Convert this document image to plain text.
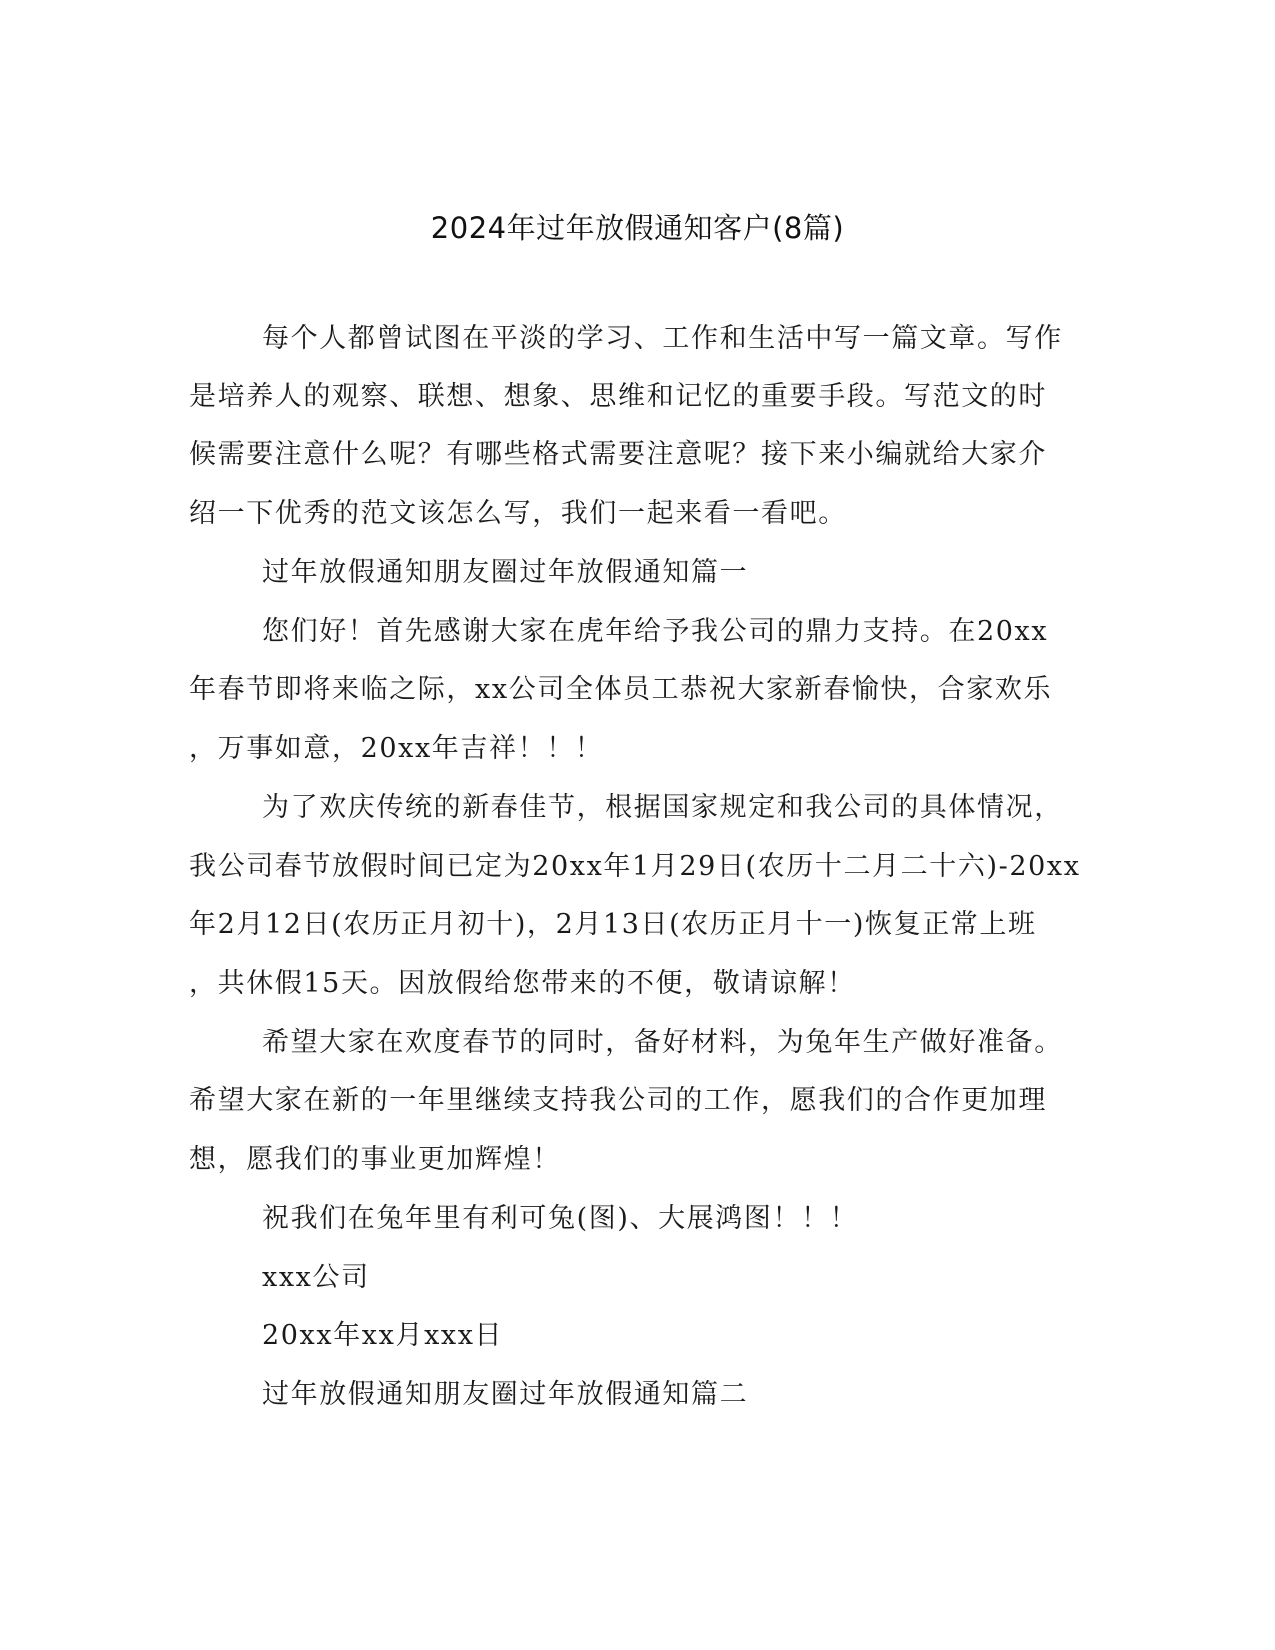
2024年过年放假通知客户(8篇)

每个人都曾试图在平淡的学习、工作和生活中写一篇文章。写作

是培养人的观察、联想、想象、思维和记忆的重要手段。写范文的时

候需要注意什么呢？有哪些格式需要注意呢？接下来小编就给大家介

绍一下优秀的范文该怎么写，我们一起来看一看吧。

过年放假通知朋友圈过年放假通知篇一

您们好！首先感谢大家在虎年给予我公司的鼎力支持。在20xx

年春节即将来临之际，xx公司全体员工恭祝大家新春愉快，合家欢乐

，万事如意，20xx年吉祥！！！

为了欢庆传统的新春佳节，根据国家规定和我公司的具体情况，

我公司春节放假时间已定为20xx年1月29日(农历十二月二十六)-20xx

年2月12日(农历正月初十)，2月13日(农历正月十一)恢复正常上班

，共休假15天。因放假给您带来的不便，敬请谅解！

希望大家在欢度春节的同时，备好材料，为兔年生产做好准备。

希望大家在新的一年里继续支持我公司的工作，愿我们的合作更加理

想，愿我们的事业更加辉煌！

祝我们在兔年里有利可兔(图)、大展鸿图！！！

xxx公司

20xx年xx月xxx日

过年放假通知朋友圈过年放假通知篇二
